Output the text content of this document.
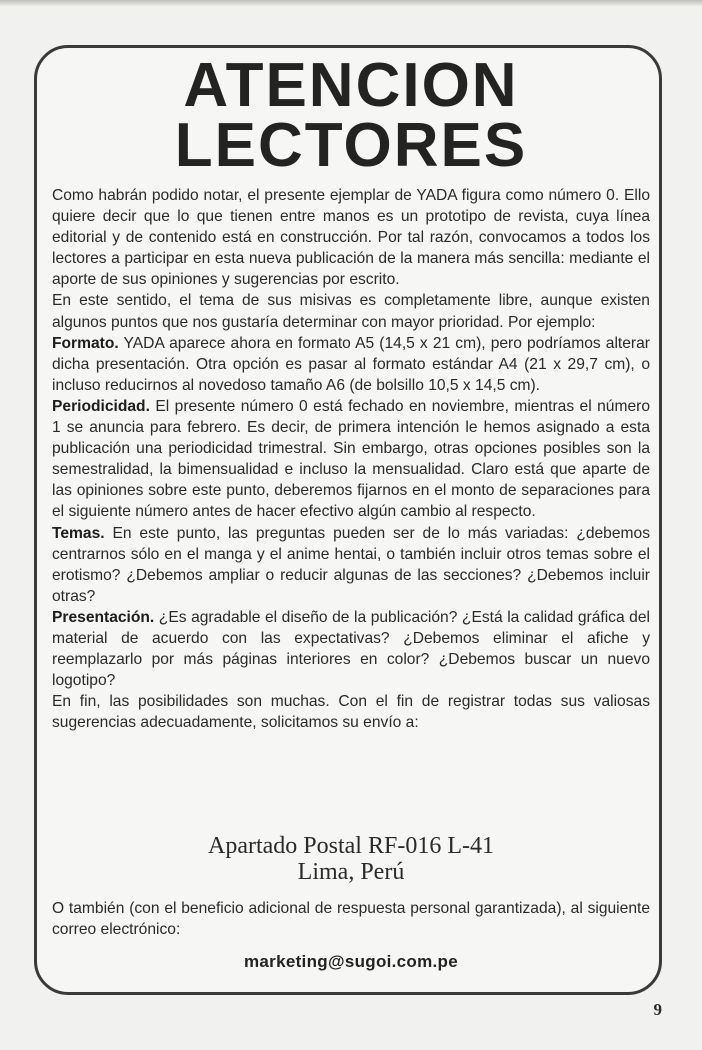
ATENCION
LECTORES

Como habrán podido notar, el presente ejemplar de YADA figura como número 0. Ello quiere decir que lo que tienen entre manos es un prototipo de revista, cuya línea editorial y de contenido está en construcción. Por tal razón, convocamos a todos los lectores a participar en esta nueva publicación de la manera más sencilla: mediante el aporte de sus opiniones y sugerencias por escrito.

En este sentido, el tema de sus misivas es completamente libre, aunque existen algunos puntos que nos gustaría determinar con mayor prioridad. Por ejemplo:

Formato. YADA aparece ahora en formato A5 (14,5 x 21 cm), pero podríamos alterar dicha presentación. Otra opción es pasar al formato estándar A4 (21 x 29,7 cm), o incluso reducirnos al novedoso tamaño A6 (de bolsillo 10,5 x 14,5 cm).

Periodicidad. El presente número 0 está fechado en noviembre, mientras el número 1 se anuncia para febrero. Es decir, de primera intención le hemos asignado a esta publicación una periodicidad trimestral. Sin embargo, otras opciones posibles son la semestralidad, la bimensualidad e incluso la mensualidad. Claro está que aparte de las opiniones sobre este punto, deberemos fijarnos en el monto de separaciones para el siguiente número antes de hacer efectivo algún cambio al respecto.

Temas. En este punto, las preguntas pueden ser de lo más variadas: ¿debemos centrarnos sólo en el manga y el anime hentai, o también incluir otros temas sobre el erotismo? ¿Debemos ampliar o reducir algunas de las secciones? ¿Debemos incluir otras?

Presentación. ¿Es agradable el diseño de la publicación? ¿Está la calidad gráfica del material de acuerdo con las expectativas? ¿Debemos eliminar el afiche y reemplazarlo por más páginas interiores en color? ¿Debemos buscar un nuevo logotipo?

En fin, las posibilidades son muchas. Con el fin de registrar todas sus valiosas sugerencias adecuadamente, solicitamos su envío a:

Apartado Postal RF-016 L-41
Lima, Perú

O también (con el beneficio adicional de respuesta personal garantizada), al siguiente correo electrónico:

marketing@sugoi.com.pe
9
